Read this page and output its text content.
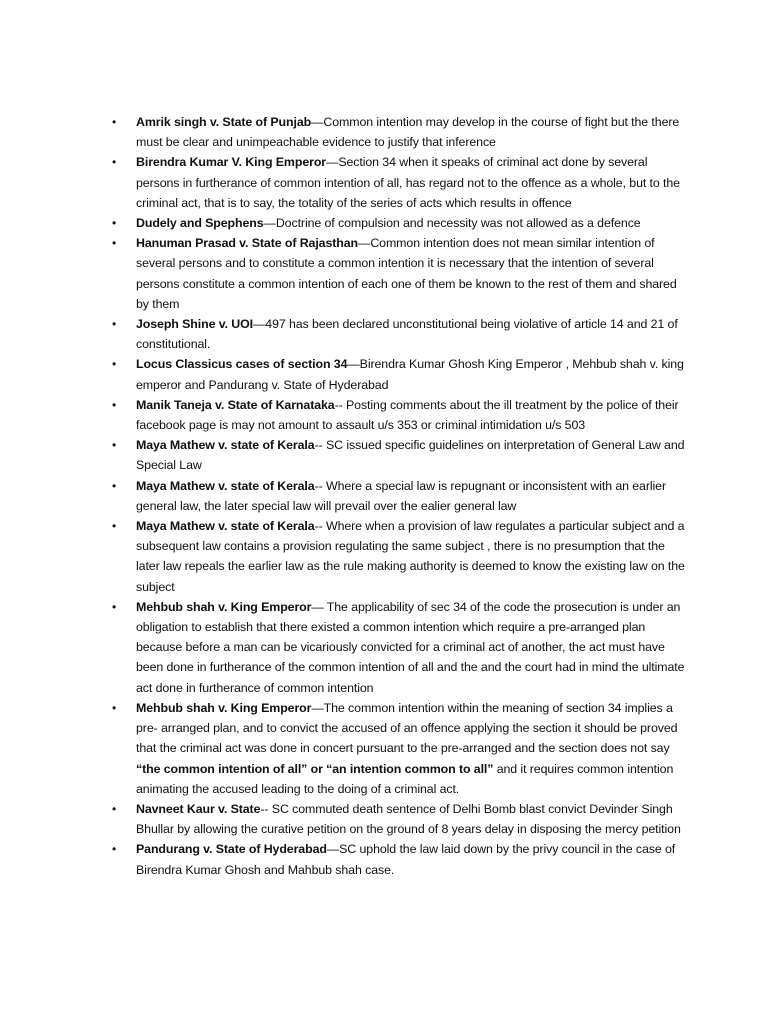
•	Amrik singh v. State of Punjab—Common intention may develop in the course of fight but the there must be clear and unimpeachable evidence to justify that inference
•	Birendra Kumar V. King Emperor—Section 34 when it speaks of criminal act done by several persons in furtherance of common intention of all, has regard not to the offence as a whole, but to the criminal act, that is to say, the totality of the series of acts which results in offence
•	Dudely and Spephens—Doctrine of compulsion and necessity was not allowed as a defence
•	Hanuman Prasad v. State of Rajasthan—Common intention does not mean similar intention of several persons and to constitute a common intention it is necessary that the intention of several persons constitute a common intention of each one of them be known to the rest of them and shared by them
•	Joseph Shine v. UOI—497 has been declared unconstitutional being violative of article 14 and 21 of constitutional.
•	Locus Classicus cases of section 34—Birendra Kumar Ghosh King Emperor , Mehbub shah v. king emperor and Pandurang v. State of Hyderabad
•	Manik Taneja v. State of Karnataka-- Posting comments about the ill treatment by the police of their facebook page is may not amount to assault u/s 353 or criminal intimidation u/s 503
•	Maya Mathew v. state of Kerala-- SC issued specific guidelines on interpretation of General Law and Special Law
•	Maya Mathew v. state of Kerala-- Where a special law is repugnant or inconsistent with an earlier general law, the later special law will prevail over the ealier general law
•	Maya Mathew v. state of Kerala-- Where when a provision of law regulates a particular subject and a subsequent law contains a provision regulating the same subject , there is no presumption that the later law repeals the earlier law as the rule making authority is deemed to know the existing law on the subject
•	Mehbub shah v. King Emperor— The applicability of sec 34 of the code the prosecution is under an obligation to establish that there existed a common intention which require a pre-arranged plan because before a man can be vicariously convicted for a criminal act of another, the act must have been done in furtherance of the common intention of all and the and the court had in mind the ultimate act done in furtherance of common intention
•	Mehbub shah v. King Emperor—The common intention within the meaning of section 34 implies a pre- arranged plan, and to convict the accused of an offence applying the section it should be proved that the criminal act was done in concert pursuant to the pre-arranged and the section does not say “the common intention of all” or “an intention common to all” and it requires common intention animating the accused leading to the doing of a criminal act.
•	Navneet Kaur v. State-- SC commuted death sentence of Delhi Bomb blast convict Devinder Singh Bhullar by allowing the curative petition on the ground of 8 years delay in disposing the mercy petition
•	Pandurang v. State of Hyderabad—SC uphold the law laid down by the privy council in the case of Birendra Kumar Ghosh and Mahbub shah case.
